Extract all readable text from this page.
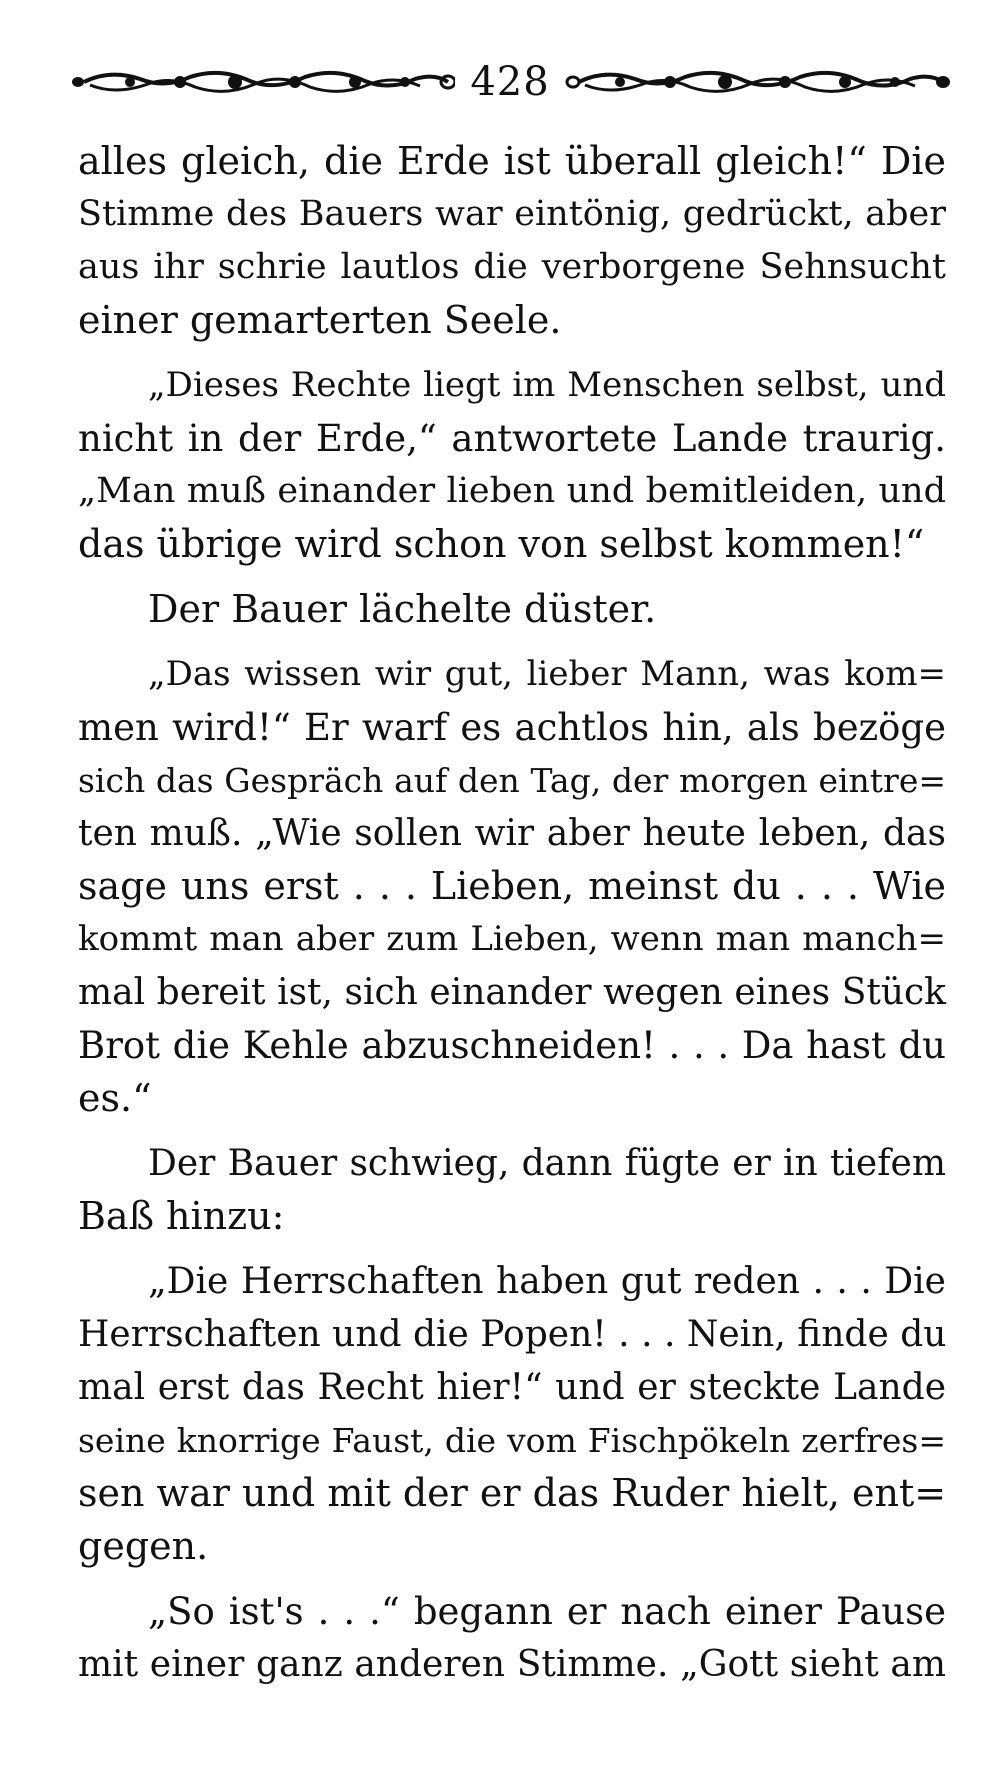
428
alles gleich, die Erde ist überall gleich!“ Die
Stimme des Bauers war eintönig, gedrückt, aber
aus ihr schrie lautlos die verborgene Sehnsucht
einer gemarterten Seele.
„Dieses Rechte liegt im Menschen selbst, und
nicht in der Erde,“ antwortete Lande traurig.
„Man muß einander lieben und bemitleiden, und
das übrige wird schon von selbst kommen!“
Der Bauer lächelte düster.
„Das wissen wir gut, lieber Mann, was kom=
men wird!“ Er warf es achtlos hin, als bezöge
sich das Gespräch auf den Tag, der morgen eintre=
ten muß. „Wie sollen wir aber heute leben, das
sage uns erst . . . Lieben, meinst du . . . Wie
kommt man aber zum Lieben, wenn man manch=
mal bereit ist, sich einander wegen eines Stück
Brot die Kehle abzuschneiden! . . . Da hast du
es.“
Der Bauer schwieg, dann fügte er in tiefem
Baß hinzu:
„Die Herrschaften haben gut reden . . . Die
Herrschaften und die Popen! . . . Nein, finde du
mal erst das Recht hier!“ und er steckte Lande
seine knorrige Faust, die vom Fischpökeln zerfres=
sen war und mit der er das Ruder hielt, ent=
gegen.
„So ist's . . .“ begann er nach einer Pause
mit einer ganz anderen Stimme. „Gott sieht am
